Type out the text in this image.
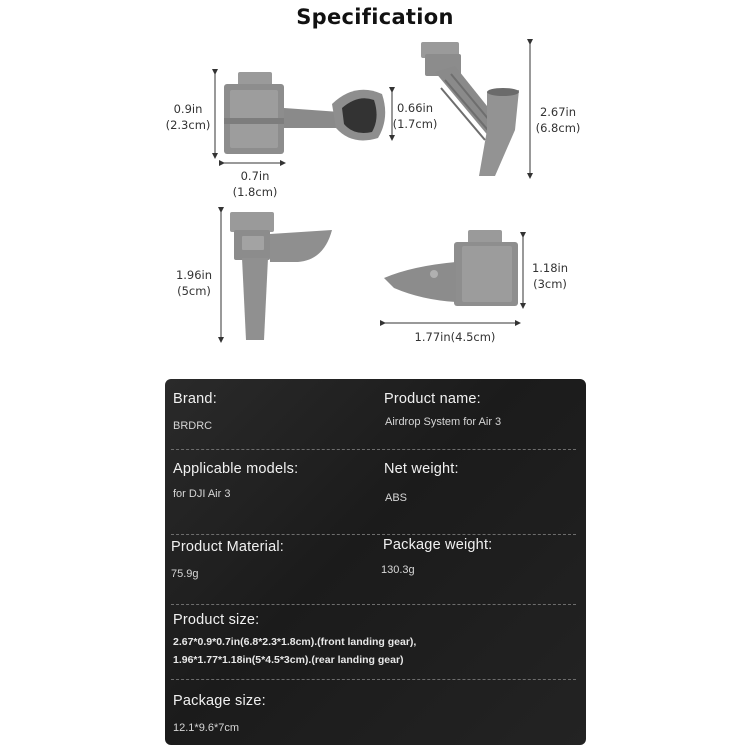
Specification
0.9in
(2.3cm)
0.7in
(1.8cm)
0.66in
(1.7cm)
2.67in
(6.8cm)
1.96in
(5cm)
1.18in
(3cm)
1.77in(4.5cm)
Brand:
BRDRC
Product name:
Airdrop System for Air 3
Applicable models:
for DJI Air 3
Net weight:
ABS
Product Material:
75.9g
Package weight:
130.3g
Product size:
2.67*0.9*0.7in(6.8*2.3*1.8cm).(front landing gear),
1.96*1.77*1.18in(5*4.5*3cm).(rear landing gear)
Package size:
12.1*9.6*7cm
